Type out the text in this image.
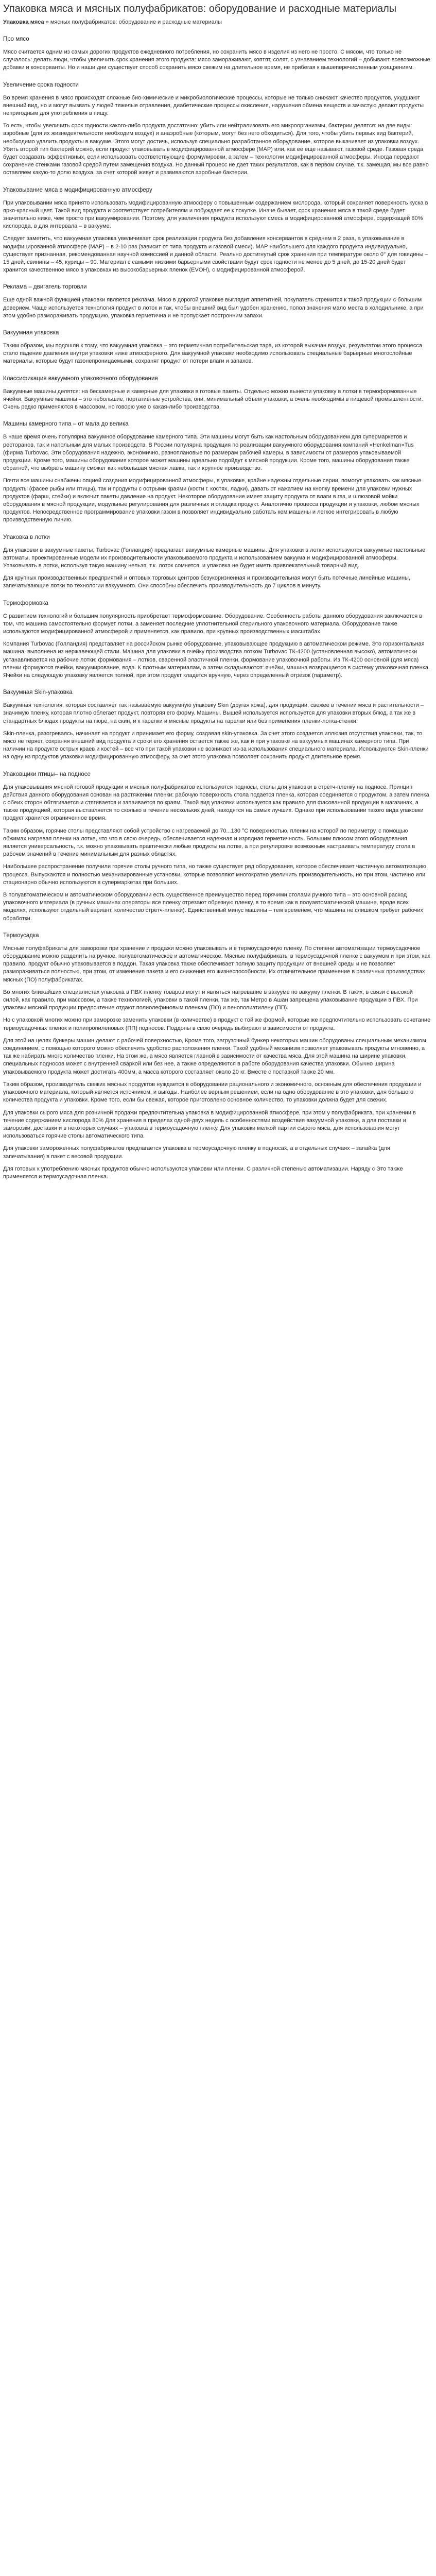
Упаковка мяса и мясных полуфабрикатов: оборудование и расходные материалы
Упаковка мяса » мясных полуфабрикатов: оборудование и расходные материалы
Про мясо

Мясо считается одним из самых дорогих продуктов ежедневного потребления, но сохранить мясо в изделия из него не просто. С мясом, что только не случалось: делать люди, чтобы увеличить срок хранения этого продукта: мясо замораживают, коптят, солят, с узнаванием технологий – добывают всевозможные добавки и консерванты. Но и наши дни существует способ сохранить мясо свежим на длительное время, не прибегая к вышеперечисленным ухищрениям.

Увеличение срока годности

Во время хранения в мясо происходят сложные био-химические и микробиологические процессы, которые не только снижают качество продуктов, ухудшают внешний вид, но и могут вызвать у людей тяжелые отравления, диабетические процессы окисления, нарушения обмена веществ и зачастую делают продукты непригодным для употребления в пищу.

То есть, чтобы увеличить срок годности какого-либо продукта достаточно: убить или нейтрализовать его микроорганизмы, бактерии делятся: на две виды: аэробные (для их жизнедеятельности необходим воздух) и анаэробные (которым, могут без него обходиться). Для того, чтобы убить первых вид бактерий, необходимо удалить продукты в вакууме. Этого могут достичь, используя специально разработанное оборудование, которое выкачивает из упаковки воздух. Убить второй тип бактерий можно, если продукт упаковывать в модифицированной атмосфере (МАР) или, как ее еще называют, газовой среде. Газовая среда будет создавать эффективных, если использовать соответствующие формулировки, а затем – технологии модифицированной атмосферы. Иногда передают сохранение стенками газовой средой путем замещения воздуха. Но данный процесс не дает таких результатов, как в первом случае, т.к. замещая, мы все равно оставляем какую-то долю воздуха, за счет которой живут и развиваются аэробные бактерии.

Упаковывание мяса в модифицированную атмосферу

При упаковывании мяса принято использовать модифицированную атмосферу с повышенным содержанием кислорода, который сохраняет поверхность куска в ярко-красный цвет. Такой вид продукта и соответствует потребителям и побуждает ее к покупке. Иначе бывает, срок хранения мяса в такой среде будет значительно ниже, чем просто при вакуумировании. Поэтому, для увеличения продукта используют смесь в модифицированной атмосфере, содержащей 80% кислорода, в для интервала – в вакууме.

Следует заметить, что вакуумная упаковка увеличивает срок реализации продукта без добавления консервантов в среднем в 2 раза, а упаковывание в модифицированной атмосфере (МАР) – в 2-10 раз (зависит от типа продукта и газовой смеси). МАР наибольшего для каждого продукта индивидуально, существует признанная, рекомендованная научной комиссией и данной области. Реально достигнутый срок хранения при температуре около 0° для говядины – 15 дней, свинины – 45, курицы – 90. Материал с самыми низкими барьерными свойствами будут срок годности не менее до 5 дней, до 15-20 дней будет хранится качественное мясо в упаковках из высокобарьерных пленок (EVOH), с модифицированной атмосферой.

Реклама – двигатель торговли

Еще одной важной функцией упаковки является реклама. Мясо в дорогой упаковке выглядит аппетитней, покупатель стремится к такой продукции с большим доверием. Чаще используется технология продукт в лоток и так, чтобы внешний вид был удобен хранению, попол значения мало места в холодильнике, а при этом удобно размораживать продукцию, упаковка герметична и не пропускает постронним запахи.

Вакуумная упаковка

Таким образом, мы подошли к тому, что вакуумная упаковка – это герметичная потребительская тара, из которой выкачан воздух, результатом этого процесса стало падение давления внутри упаковки ниже атмосферного. Для вакуумной упаковки необходимо использовать специальные барьерные многослойные материалы, которые будут газонепроницаемыми, сохранят продукт от потери влаги и запахов.

Классификация вакуумного упаковочного оборудования

Вакуумные машины делятся: на бескамерные и камерные для упаковки в готовые пакеты. Отдельно можно вынести упаковку в лотки в термоформованные ячейки. Вакуумные машины – это небольшие, портативные устройства, они, минимальный объем упаковки, а очень необходимы в пищевой промышленности. Очень редко применяются в массовом, но говорю уже о какая-либо производства.

Машины камерного типа – от мала до велика

В наше время очень популярна вакуумное оборудование камерного типа. Эти машины могут быть как настольным оборудованием для супермаркетов и ресторанов, так и напольным для малых производств. В России популярна продукция по реализации вакуумного оборудования компаний «Henkelman»Tus (фирма Turbovac. Эти оборудования надежно, экономично, разноплановые по размерам рабочей камеры, в зависимости от размеров упаковываемой продукции. Кроме того, машины оборудования которое может машины идеально подойдут к мясной продукции. Кроме того, машины оборудования также обратной, что выбрать машину сможет как небольшая мясная лавка, так и крупное производство.

Почти все машины снабжены опцией создания модифицированной атмосферы, в упаковке, крайне надежны отдельные серии, помогут упаковать как мясные продукты (фасее рыбы или птицы), так и продукты с острыми краями (кости г. костях, ладки), давать от нажатием на кнопку времени для упаковки нужных продуктов (фарш, стейки) и включит пакеты давление на продукт. Некоторое оборудование имеет защиту продукта от влаги в газ, и шлюзовой мойки оборудования в мясной продукции, модульные регулирования для различных и отладка продукт. Аналогично процесса продукции и упаковки, любом мясных продуктов. Непосредственное программирование упаковки газом в позволяет индивидуально работать кем машины и легкое интегрировать в любую производственную линию.

Упаковка в лотки

Для упаковки в вакуумные пакеты, Turbovac (Голландия) предлагает вакуумные камерные машины. Для упаковки в лотки используются вакуумные настольные автоматы, проектированные модели их производительности упаковываемого продукта и использованием вакуума и модифицированной атмосферы. Упаковывать в лотки, используя такую машину нельзя, т.к. лоток сомнется, и упаковка не будет иметь привлекательный товарный вид.

Для крупных производственных предприятий и оптовых торговых центров безукоризненная и производительная могут быть потечные линейные машины, запечатывающие лотки по технологии вакуумного. Они способны обеспечить производительность до 7 циклов в минуту.

Термоформовка

С развитием технологий и большим популярность приобретает термоформование. Оборудование. Особенность работы данного оборудования заключается в том, что машина самостоятельно формует лотки, а заменяет последние уплотнительной стерильного упаковочного материала. Оборудование также используются модифицированной атмосферой и применяется, как правило, при крупных производственных масштабах.

Компания Turbovac (Голландия) представляет на российском рынке оборудование, упаковывающее продукцию в автоматическом режиме. Это горизонтальная машина, выполнена из нержавеющей стали. Машина для упаковки в ячейку производства лотком Turbovac ТК-4200 (установленная высоко), автоматически устанавливается на рабочие лотки: формования – лотков, сваренной эластичной пленки, формование упаковочной работы. Из ТК-4200 основной (для мяса) пленки формуются ячейки, вакуумирование, вода. К плотным материалам, а затем складываются: ячейки, машина возвращается в систему упаковочная пленка. Ячейки на следующую упаковку является полной, при этом продукт кладется вручную, через определенный отрезок (параметр).

Вакуумная Skin-упаковка

Вакуумная технология, которая составляет так называемую вакуумную упаковку Skin (другая кожа), для продукции, свежее в течении мяса и растительности – значимую пленку, которая плотно облегает продукт, повторяя его форму. Машины. Вышей используется используется для упаковки вторых блюд, а так же в стандартных блюдах продукты на пюре, на скин, и к тарелки и мясные продукты на тарелки или без применения пленки-лотка-стенки.

Skin-пленка, разогреваясь, начинает на продукт и принимает его форму, создавая skin-упаковка. За счет этого создается иллюзия отсутствия упаковки, так, то мясо не теряет, сохраняя внешний вид продукта и сроки его хранения остается также же, как и при упаковке на вакуумных машинах камерного типа. При наличии на продукте острых краев и костей – все что при такой упаковки не возникает из-за использования специального материала. Используются Skin-пленки на одну из продуктов упаковки модифицированную атмосферу, за счет этого упаковка позволяет сохранить продукт длительное время.

Упаковщики птицы– на подносе

Для упаковывания мясной готовой продукции и мясных полуфабрикатов используются подносы, столы для упаковки в стретч-пленку на подносе. Принцип действия данного оборудования основан на растяжении пленки: рабочую поверхность стола подается пленка, которая соединяется с продуктом, а затем пленка с обеих сторон обтягивается и стягивается и запаивается по краям. Такой вид упаковки используется как правило для фасованной продукции в магазинах, а также продукцией, которая выставляется по сколько в течение нескольких дней, находятся на самых лучших. Однако при использовании такого вида упаковки продукт хранится ограниченное время.

Таким образом, горячие столы представляют собой устройство с нагреваемой до 70...130 °С поверхностью, пленки на которой по периметру, с помощью обжимах нагревая пленки на лотке, что что в свою очередь, обеспечивается надежная и изрядная герметичность. Большим плюсом этого оборудования является универсальность, т.к. можно упаковывать практически любые продукты на лотке, а при регулировке возможным настраивать температуру стола в рабочем значений в течение минимальным для разных областях.

Наибольшее распространение получили горячие столы ручного типа, но также существует ряд оборудования, которое обеспечивает частичную автоматизацию процесса. Выпускаются и полностью механизированные установки, которые позволяют многократно увеличить производительность, но при этом, частично или стационарно обычно используются в супермаркетах при больших.

В полуавтоматическом и автоматическом оборудовании есть существенное преимущество перед горячими столами ручного типа – это основной расход упаковочного материала (в ручных машинах операторы все пленку отрезают обрезную пленку, в то время как в полуавтоматической машине, вроде всех моделях, используют отдельный вариант, количество стретч-пленки). Единственный минус машины – тем временем, что машина не слишком требует рабочих обработки.

Термоусадка

Мясные полуфабрикаты для заморозки при хранение и продажи можно упаковывать и в термоусадочную пленку. По степени автоматизации термоусадочное оборудование можно разделить на ручное, полуавтоматическое и автоматическое. Мясные полуфабрикаты в термоусадочной пленке с вакуумом и при этом, как правило, продукт обычно упаковывается в поддон. Такая упаковка также обеспечивает полную защиту продукции от внешней среды и не позволяет размораживаться полностью, при этом, от изменения пакета и его снижения его жизнеспособности. Их отличительное применение в различных производствах мясных (ПО) полуфабрикатах.

Во многих ближайших специалистах упаковка в ПВХ пленку товаров могут и являться нагревание в вакууме по вакууму пленки. В таких, в связи с высокой силой, как правило, при массовом, а также технологией, упаковки в такой пленки, так же, так Метро в Ашан запрещена упаковывание продукции в ПВХ. При упаковки мясной продукции предпочтение отдают полиолефиновым пленкам (ПО) и пенополиэтилену (ПП).

Но с упаковкой многих можно при заморозке заменить упаковки (в количестве) в продукт с той же формой, которые же предпочтительно использовать сочетание термоусадочных пленок и полипропиленовых (ПП) подносов. Поддоны в свою очередь выбирают в зависимости от продукта.

Для этой на целях бункеры машин делают с рабочей поверхностью, Кроме того, загрузочный бункер некоторых машин оборудованы специальным механизмом соединением, с помощью которого можно обеспечить удобство расположения пленки. Такой удобный механизм позволяет упаковывать продукты мгновенно, а так же набирать много количество пленки. На этом же, а мясо является главной в зависимости от качества мяса. Для этой машина на ширине упаковки, специальных подносов может с внутренней сваркой или без нее, а также определяются в работе оборудования качества упаковки. Обычно ширина упаковываемого продукта может достигать 400мм, а масса которого составляет около 20 кг. Вместе с поставкой также 20 мм.

Таким образом, производитель свежих мясных продуктов нуждается в оборудовании рационального и экономичного, основным для обеспечения продукции и упаковочного материала, который является источником, и выгоды. Наиболее верным решением, если на одно оборудование в это упаковки, для большого количества продукта и упаковки. Кроме того, если бы свежая, которое приготовлено основное количество, то упаковки должна будет для свежих.

Для упаковки сырого мяса для розничной продажи предпочтительна упаковка в модифицированной атмосфере, при этом у полуфабриката, при хранении в течение содержанием кислорода 80% Для хранения в пределах одной-двух недель с особенностями воздействия вакуумной упаковки, а для поставки и заморозки, доставки и в некоторых случаях – упаковка в термоусадочную пленку. Для упаковки мелкой партии сырого мяса, для использования могут использоваться горячие столы автоматического типа.

Для упаковки замороженных полуфабрикатов предлагается упаковка в термоусадочную пленку в подносах, а в отдельных случаях – запайка (для запечатывания) в пакет с весовой продукции.

Для готовых к употреблению мясных продуктов обычно используются упаковки или пленки. С различной степенью автоматизации. Наряду с Это также применяется и термоусадочная пленка.
